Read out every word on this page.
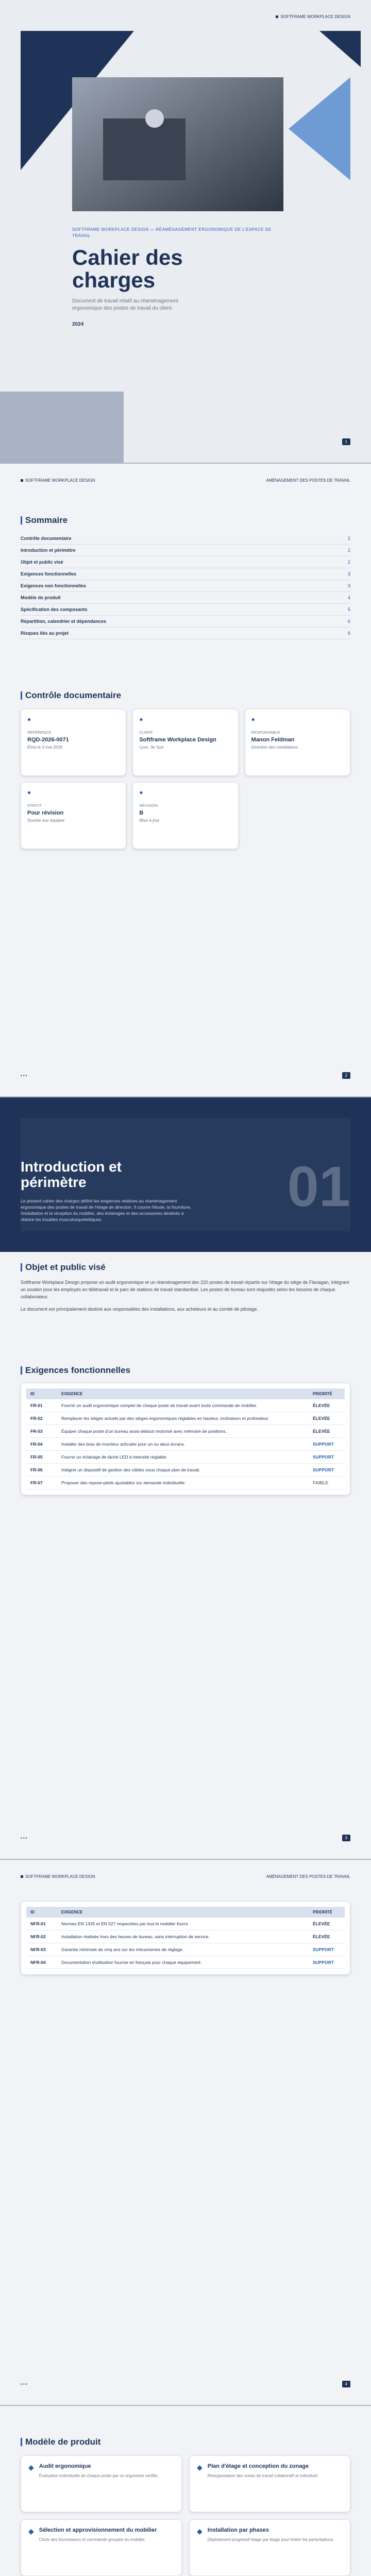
SOFTFRAME WORKPLACE DESIGN
SOFTFRAME WORKPLACE DESIGN — RÉAMÉNAGEMENT ERGONOMIQUE DE L'ESPACE DE TRAVAIL
Cahier des charges
Document de travail relatif au réaménagement ergonomique des postes de travail du client.
2024
1
SOFTFRAME WORKPLACE DESIGN	AMÉNAGEMENT DES POSTES DE TRAVAIL
Sommaire
Contrôle documentaire	2
Introduction et périmètre	2
Objet et public visé	2
Exigences fonctionnelles	3
Exigences non fonctionnelles	3
Modèle de produit	4
Spécification des composants	5
Répartition, calendrier et dépendances	6
Risques liés au projet	6
Contrôle documentaire
●
RÉFÉRENCE
RQD-2026-0071
Émis le 3 mai 2026
●
CLIENT
Softframe Workplace Design
Lyon, 3e Sud
●
RESPONSABLE
Manon Feldman
Direction des installations
●
STATUT
Pour révision
Soumis aux équipes
●
RÉVISION
B
Mise à jour
▪▪▪	2
01
Introduction et périmètre
Le présent cahier des charges définit les exigences relatives au réaménagement ergonomique des postes de travail de l'étage de direction. Il couvre l'étude, la fourniture, l'installation et la réception du mobilier, des éclairages et des accessoires destinés à réduire les troubles musculosquelettiques.
Objet et public visé

Softframe Workplace Design propose un audit ergonomique et un réaménagement des 220 postes de travail répartis sur l'étage du siège de Flanagan, intégrant un soutien pour les employés en télétravail et le parc de stations de travail standardisé. Les postes de bureau sont réajustés selon les besoins de chaque collaborateur.

Le document est principalement destiné aux responsables des installations, aux acheteurs et au comité de pilotage.

Exigences fonctionnelles
ID	EXIGENCE	PRIORITÉ
FR-01	Fournir un audit ergonomique complet de chaque poste de travail avant toute commande de mobilier.	ÉLEVÉE
FR-02	Remplacer les sièges actuels par des sièges ergonomiques réglables en hauteur, inclinaison et profondeur.	ÉLEVÉE
FR-03	Équiper chaque poste d'un bureau assis-debout motorisé avec mémoire de positions.	ÉLEVÉE
FR-04	Installer des bras de moniteur articulés pour un ou deux écrans.	SUPPORT
FR-05	Fournir un éclairage de tâche LED à intensité réglable.	SUPPORT
FR-06	Intégrer un dispositif de gestion des câbles sous chaque plan de travail.	SUPPORT
FR-07	Proposer des repose-pieds ajustables sur demande individuelle.	FAIBLE
▪▪▪	3
SOFTFRAME WORKPLACE DESIGN	AMÉNAGEMENT DES POSTES DE TRAVAIL
ID	EXIGENCE	PRIORITÉ
NFR-01	Normes EN 1335 et EN 527 respectées par tout le mobilier fourni.	ÉLEVÉE
NFR-02	Installation réalisée hors des heures de bureau, sans interruption de service.	ÉLEVÉE
NFR-03	Garantie minimale de cinq ans sur les mécanismes de réglage.	SUPPORT
NFR-04	Documentation d'utilisation fournie en français pour chaque équipement.	SUPPORT
▪▪▪	4
Modèle de produit
◆ Audit ergonomique
Évaluation individuelle de chaque poste par un ergonome certifié.
◆ Plan d'étage et conception du zonage
Réorganisation des zones de travail collaboratif et individuel.
◆ Sélection et approvisionnement du mobilier
Choix des fournisseurs et commande groupée du mobilier.
◆ Installation par phases
Déploiement progressif étage par étage pour limiter les perturbations.
